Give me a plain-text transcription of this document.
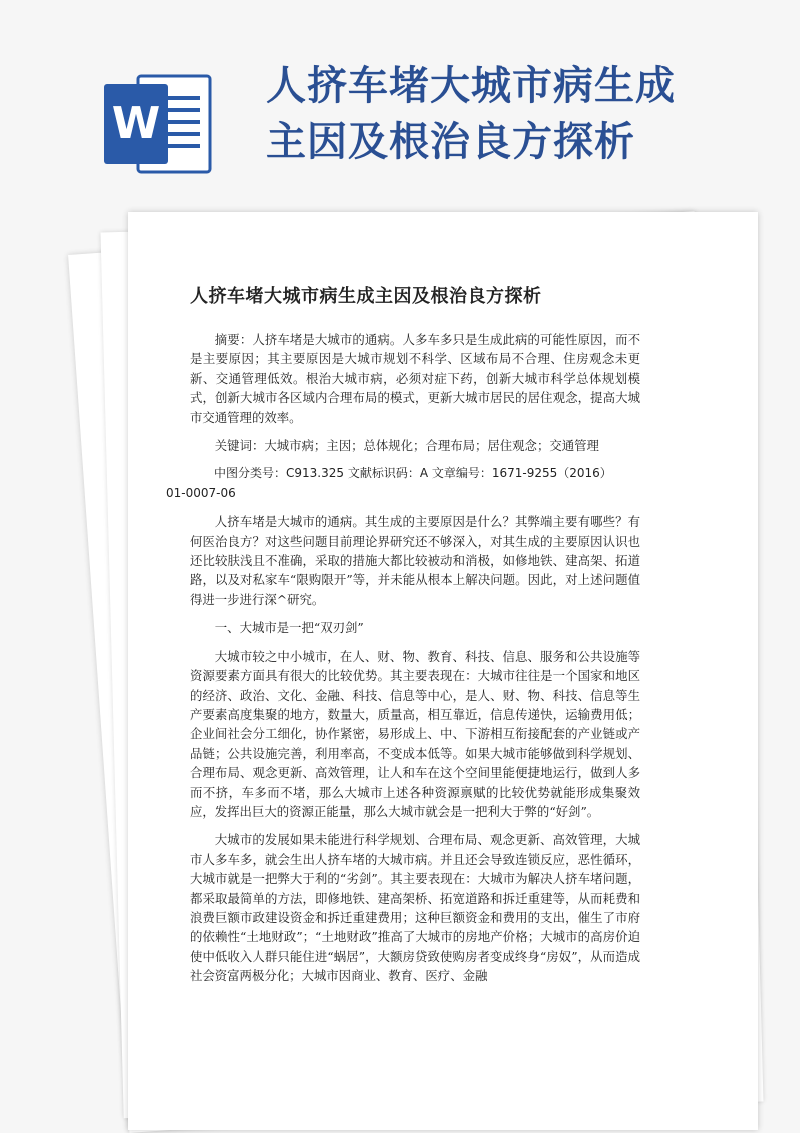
W
人挤车堵大城市病生成
主因及根治良方探析
人挤车堵大城市病生成主因及根治良方探析

摘要：人挤车堵是大城市的通病。人多车多只是生成此病的可能性原因，而不是主要原因；其主要原因是大城市规划不科学、区域布局不合理、住房观念未更新、交通管理低效。根治大城市病，必须对症下药，创新大城市科学总体规划模式，创新大城市各区域内合理布局的模式，更新大城市居民的居住观念，提高大城市交通管理的效率。

关键词：大城市病；主因；总体规化；合理布局；居住观念；交通管理

中图分类号：C913.325 文献标识码：A 文章编号：1671-9255（2016）
01-0007-06

人挤车堵是大城市的通病。其生成的主要原因是什么？其弊端主要有哪些？有何医治良方？对这些问题目前理论界研究还不够深入，对其生成的主要原因认识也还比较肤浅且不准确，采取的措施大都比较被动和消极，如修地铁、建高架、拓道路，以及对私家车“限购限开”等，并未能从根本上解决问题。因此，对上述问题值得进一步进行深^研究。

一、大城市是一把“双刃剑”

大城市较之中小城市，在人、财、物、教育、科技、信息、服务和公共设施等资源要素方面具有很大的比较优势。其主要表现在：大城市往往是一个国家和地区的经济、政治、文化、金融、科技、信息等中心，是人、财、物、科技、信息等生产要素高度集聚的地方，数量大，质量高，相互靠近，信息传递快，运输费用低；企业间社会分工细化，协作紧密，易形成上、中、下游相互衔接配套的产业链或产品链；公共设施完善，利用率高，不变成本低等。如果大城市能够做到科学规划、合理布局、观念更新、高效管理，让人和车在这个空间里能便捷地运行，做到人多而不挤，车多而不堵，那么大城市上述各种资源禀赋的比较优势就能形成集聚效应，发挥出巨大的资源正能量，那么大城市就会是一把利大于弊的“好剑”。

大城市的发展如果未能进行科学规划、合理布局、观念更新、高效管理，大城市人多车多，就会生出人挤车堵的大城市病。并且还会导致连锁反应，恶性循环，大城市就是一把弊大于利的“劣剑”。其主要表现在：大城市为解决人挤车堵问题，都采取最简单的方法，即修地铁、建高架桥、拓宽道路和拆迁重建等，从而耗费和浪费巨额市政建设资金和拆迁重建费用；这种巨额资金和费用的支出，催生了市府的依赖性“土地财政”；“土地财政”推高了大城市的房地产价格；大城市的高房价迫使中低收入人群只能住进“蜗居”，大额房贷致使购房者变成终身“房奴”，从而造成社会资富两极分化；大城市因商业、教育、医疗、金融
